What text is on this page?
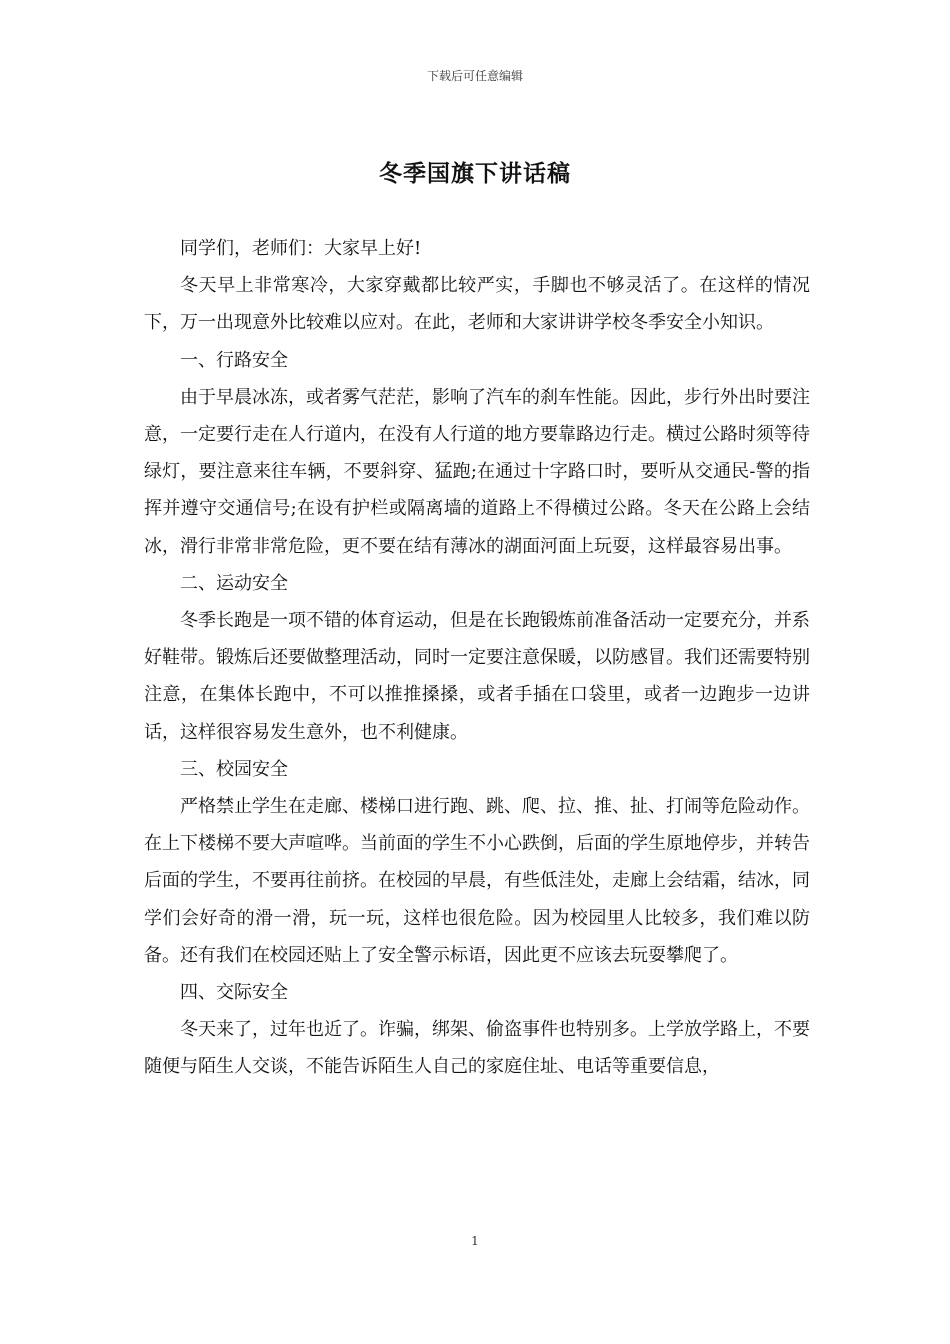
下载后可任意编辑
冬季国旗下讲话稿

同学们，老师们：大家早上好!

冬天早上非常寒冷，大家穿戴都比较严实，手脚也不够灵活了。在这样的情况下，万一出现意外比较难以应对。在此，老师和大家讲讲学校冬季安全小知识。

一、行路安全

由于早晨冰冻，或者雾气茫茫，影响了汽车的刹车性能。因此，步行外出时要注意，一定要行走在人行道内，在没有人行道的地方要靠路边行走。横过公路时须等待绿灯，要注意来往车辆，不要斜穿、猛跑;在通过十字路口时，要听从交通民-警的指挥并遵守交通信号;在设有护栏或隔离墙的道路上不得横过公路。冬天在公路上会结冰，滑行非常非常危险，更不要在结有薄冰的湖面河面上玩耍，这样最容易出事。

二、运动安全

冬季长跑是一项不错的体育运动，但是在长跑锻炼前准备活动一定要充分，并系好鞋带。锻炼后还要做整理活动，同时一定要注意保暖，以防感冒。我们还需要特别注意，在集体长跑中，不可以推推搡搡，或者手插在口袋里，或者一边跑步一边讲话，这样很容易发生意外，也不利健康。

三、校园安全

严格禁止学生在走廊、楼梯口进行跑、跳、爬、拉、推、扯、打闹等危险动作。在上下楼梯不要大声喧哗。当前面的学生不小心跌倒，后面的学生原地停步，并转告后面的学生，不要再往前挤。在校园的早晨，有些低洼处，走廊上会结霜，结冰，同学们会好奇的滑一滑，玩一玩，这样也很危险。因为校园里人比较多，我们难以防备。还有我们在校园还贴上了安全警示标语，因此更不应该去玩耍攀爬了。

四、交际安全

冬天来了，过年也近了。诈骗，绑架、偷盗事件也特别多。上学放学路上，不要随便与陌生人交谈，不能告诉陌生人自己的家庭住址、电话等重要信息，

1
